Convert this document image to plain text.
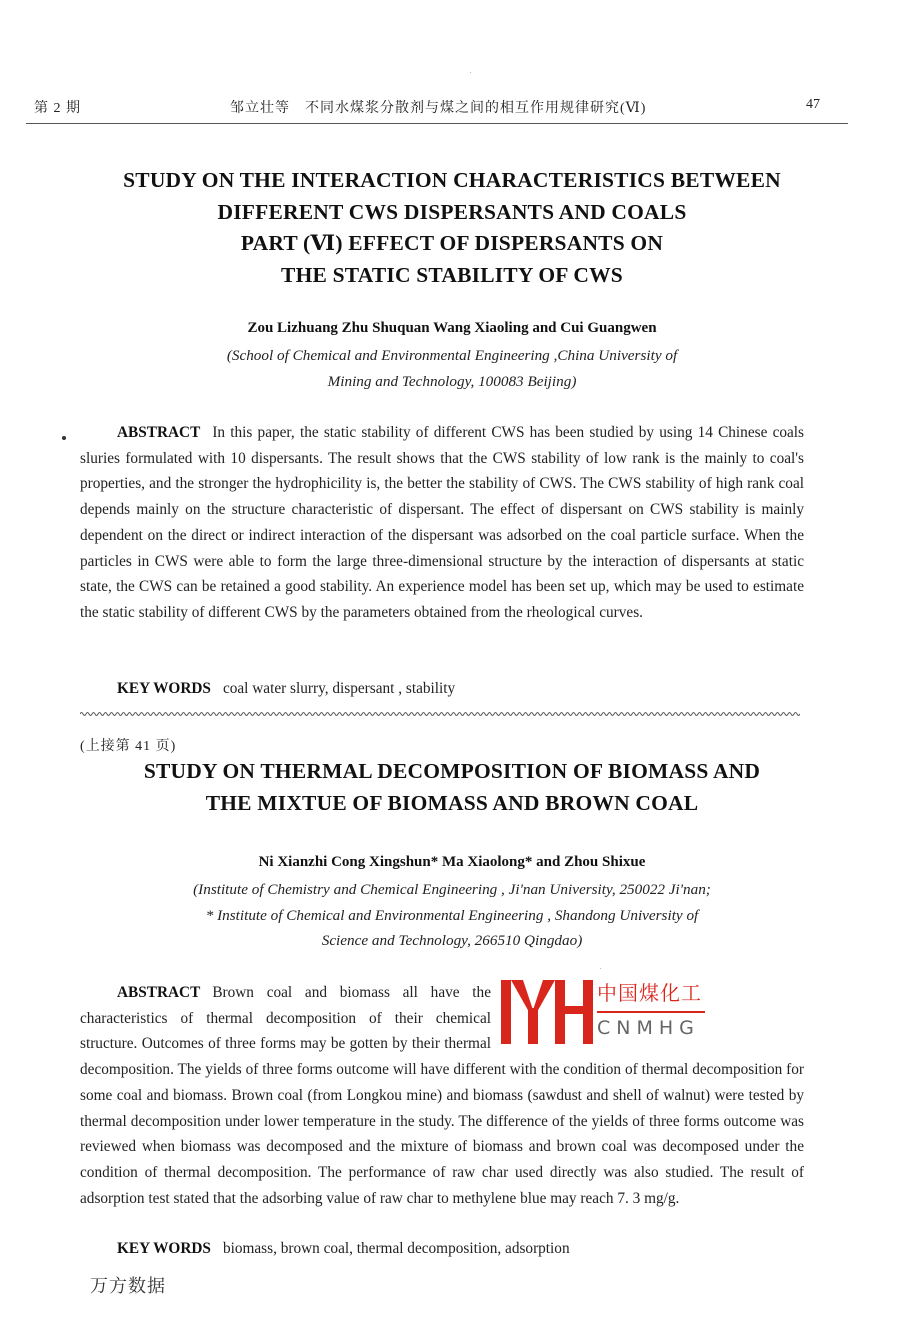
第 2 期	邹立壮等　不同水煤浆分散剂与煤之间的相互作用规律研究(Ⅵ)	47
STUDY ON THE INTERACTION CHARACTERISTICS BETWEEN
DIFFERENT CWS DISPERSANTS AND COALS
PART (Ⅵ) EFFECT OF DISPERSANTS ON
THE STATIC STABILITY OF CWS
Zou Lizhuang Zhu Shuquan Wang Xiaoling and Cui Guangwen
(School of Chemical and Environmental Engineering ,China University of
Mining and Technology, 100083 Beijing)

ABSTRACT In this paper, the static stability of different CWS has been studied by using 14 Chinese coals sluries formulated with 10 dispersants. The result shows that the CWS stability of low rank is the mainly to coal's properties, and the stronger the hydrophicility is, the better the stability of CWS. The CWS stability of high rank coal depends mainly on the structure characteristic of dispersant. The effect of dispersant on CWS stability is mainly dependent on the direct or indirect interaction of the dispersant was adsorbed on the coal particle surface. When the particles in CWS were able to form the large three-dimensional structure by the interaction of dispersants at static state, the CWS can be retained a good stability. An experience model has been set up, which may be used to estimate the static stability of different CWS by the parameters obtained from the rheological curves.

KEY WORDS coal water slurry, dispersant , stability
(上接第 41 页)
STUDY ON THERMAL DECOMPOSITION OF BIOMASS AND
THE MIXTUE OF BIOMASS AND BROWN COAL
Ni Xianzhi Cong Xingshun* Ma Xiaolong* and Zhou Shixue
(Institute of Chemistry and Chemical Engineering , Ji'nan University, 250022 Ji'nan;
* Institute of Chemical and Environmental Engineering , Shandong University of
Science and Technology, 266510 Qingdao)

中国煤化工
CNMHG
ABSTRACT Brown coal and biomass all have the characteristics of thermal decomposition of their chemical structure. Outcomes of three forms may be gotten by their thermal decomposition. The yields of three forms outcome will have different with the condition of thermal decomposition for some coal and biomass. Brown coal (from Longkou mine) and biomass (sawdust and shell of walnut) were tested by thermal decomposition under lower temperature in the study. The difference of the yields of three forms outcome was reviewed when biomass was decomposed and the mixture of biomass and brown coal was decomposed under the condition of thermal decomposition. The performance of raw char used directly was also studied. The result of adsorption test stated that the adsorbing value of raw char to methylene blue may reach 7. 3 mg/g.

KEY WORDS biomass, brown coal, thermal decomposition, adsorption
万方数据
